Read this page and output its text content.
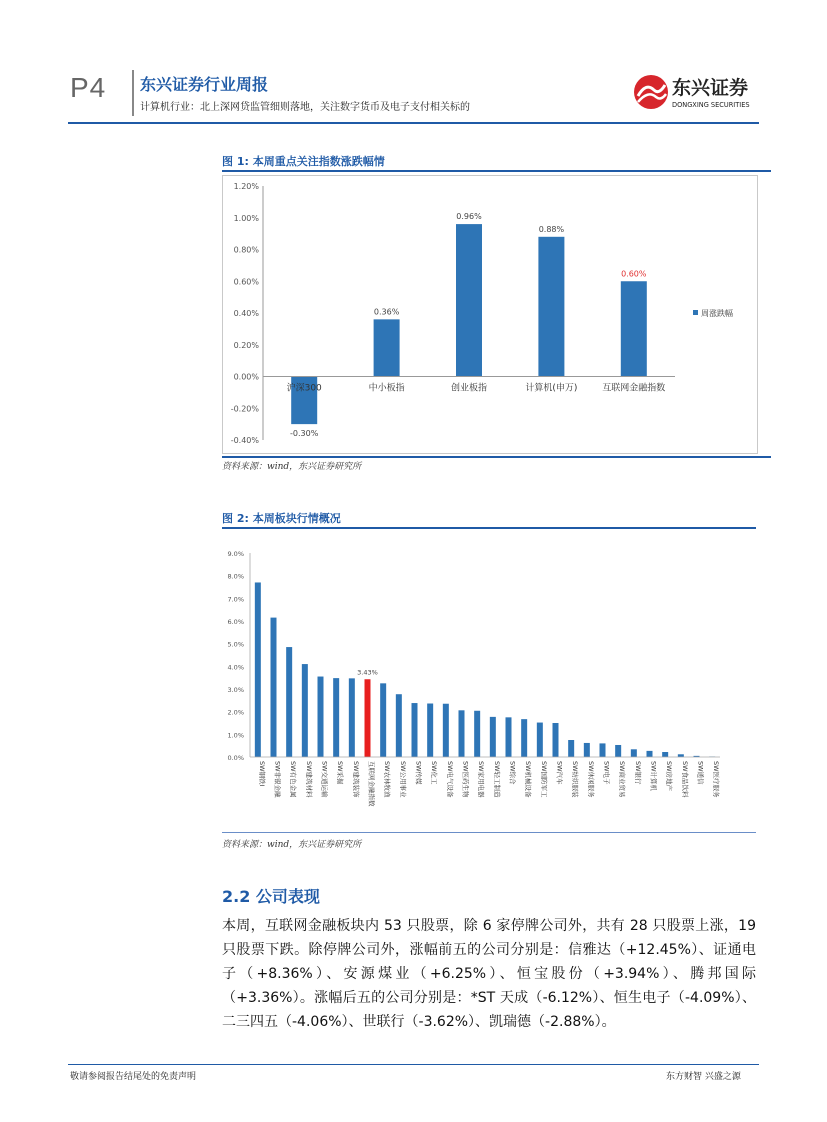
P4 东兴证券行业周报
计算机行业：北上深网贷监管细则落地，关注数字货币及电子支付相关标的
东兴证券
DONGXING SECURITIES
图 1: 本周重点关注指数涨跌幅情
-0.40%
-0.20%
0.00%
0.20%
0.40%
0.60%
0.80%
1.00%
1.20%
-0.30%
沪深300
0.36%
中小板指
0.96%
创业板指
0.88%
计算机(申万)
0.60%
互联网金融指数
周涨跌幅
资料来源：wind，东兴证券研究所
图 2: 本周板块行情概况
0.0%
1.0%
2.0%
3.0%
4.0%
5.0%
6.0%
7.0%
8.0%
9.0%
SW钢铁Ⅰ SW非银金融 SW有色金属 SW建筑材料 SW交通运输 SW采掘 SW建筑装饰
3.43%
互联网金融指数 SW农林牧渔 SW公用事业 SW传媒 SW化工 SW电气设备 SW医药生物 SW家用电器 SW轻工制造 SW综合 SW机械设备 SW国防军工 SW汽车 SW纺织服装 SW休闲服务 SW电子 SW商业贸易 SW银行 SW计算机 SW房地产 SW食品饮料 SW通信 SW医疗服务
资料来源：wind，东兴证券研究所
2.2 公司表现
本周，互联网金融板块内 53 只股票，除 6 家停牌公司外，共有 28 只股票上涨，19 只股票下跌。除停牌公司外，涨幅前五的公司分别是：信雅达（+12.45%）、证通电子（+8.36%）、安源煤业（+6.25%）、恒宝股份（+3.94%）、腾邦国际（+3.36%）。涨幅后五的公司分别是：*ST 天成（-6.12%）、恒生电子（-4.09%）、二三四五（-4.06%）、世联行（-3.62%）、凯瑞德（-2.88%）。
敬请参阅报告结尾处的免责声明	东方财智 兴盛之源
